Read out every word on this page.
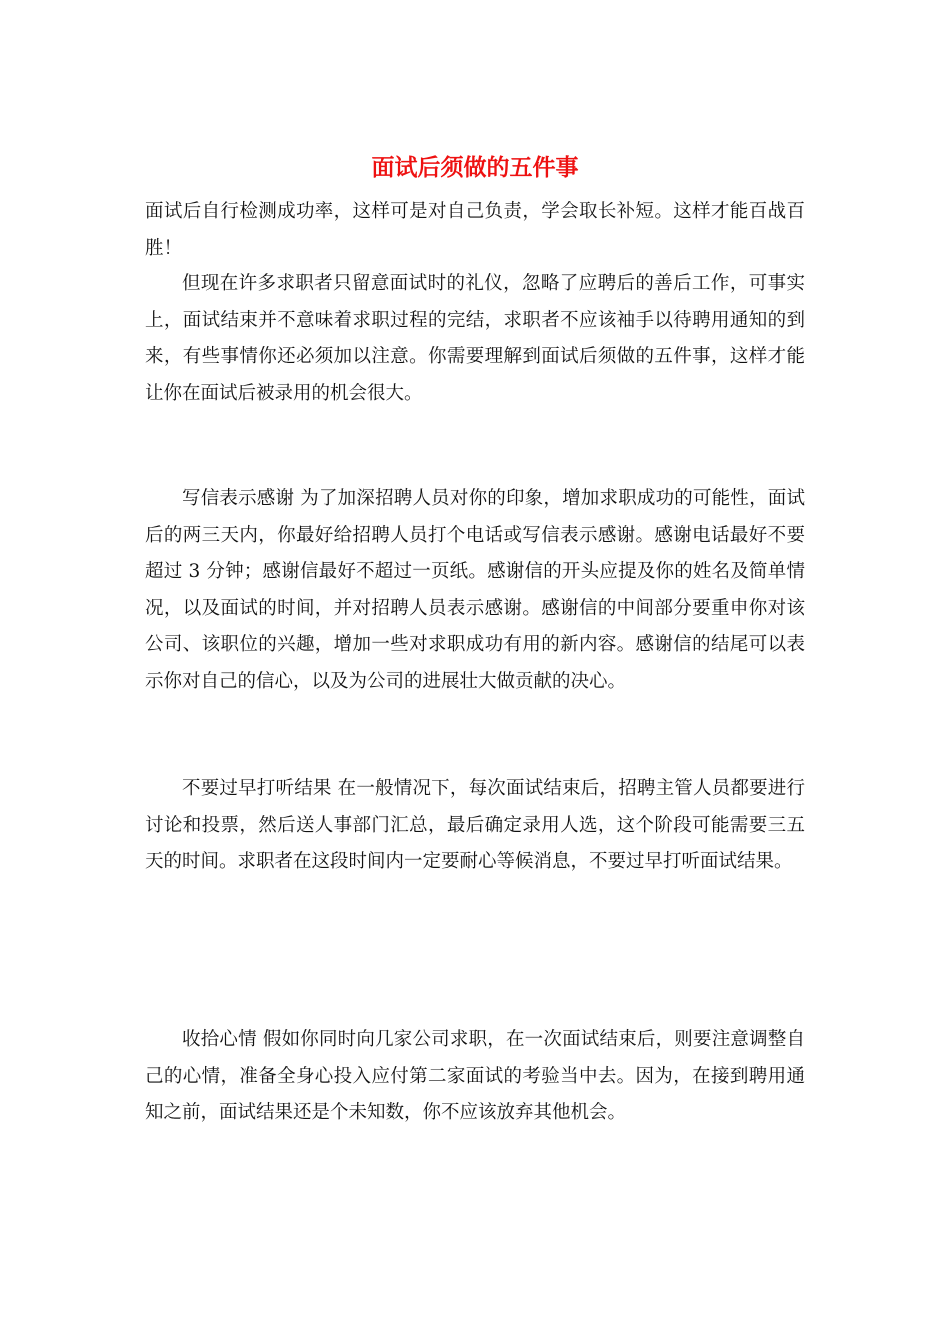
面试后须做的五件事

面试后自行检测成功率，这样可是对自己负责，学会取长补短。这样才能百战百胜！

但现在许多求职者只留意面试时的礼仪，忽略了应聘后的善后工作，可事实上，面试结束并不意味着求职过程的完结，求职者不应该袖手以待聘用通知的到来，有些事情你还必须加以注意。你需要理解到面试后须做的五件事，这样才能让你在面试后被录用的机会很大。

写信表示感谢 为了加深招聘人员对你的印象，增加求职成功的可能性，面试后的两三天内，你最好给招聘人员打个电话或写信表示感谢。感谢电话最好不要超过 3 分钟；感谢信最好不超过一页纸。感谢信的开头应提及你的姓名及简单情况，以及面试的时间，并对招聘人员表示感谢。感谢信的中间部分要重申你对该公司、该职位的兴趣，增加一些对求职成功有用的新内容。感谢信的结尾可以表示你对自己的信心，以及为公司的进展壮大做贡献的决心。

不要过早打听结果 在一般情况下，每次面试结束后，招聘主管人员都要进行讨论和投票，然后送人事部门汇总，最后确定录用人选，这个阶段可能需要三五天的时间。求职者在这段时间内一定要耐心等候消息，不要过早打听面试结果。

收拾心情 假如你同时向几家公司求职，在一次面试结束后，则要注意调整自己的心情，准备全身心投入应付第二家面试的考验当中去。因为，在接到聘用通知之前，面试结果还是个未知数，你不应该放弃其他机会。
